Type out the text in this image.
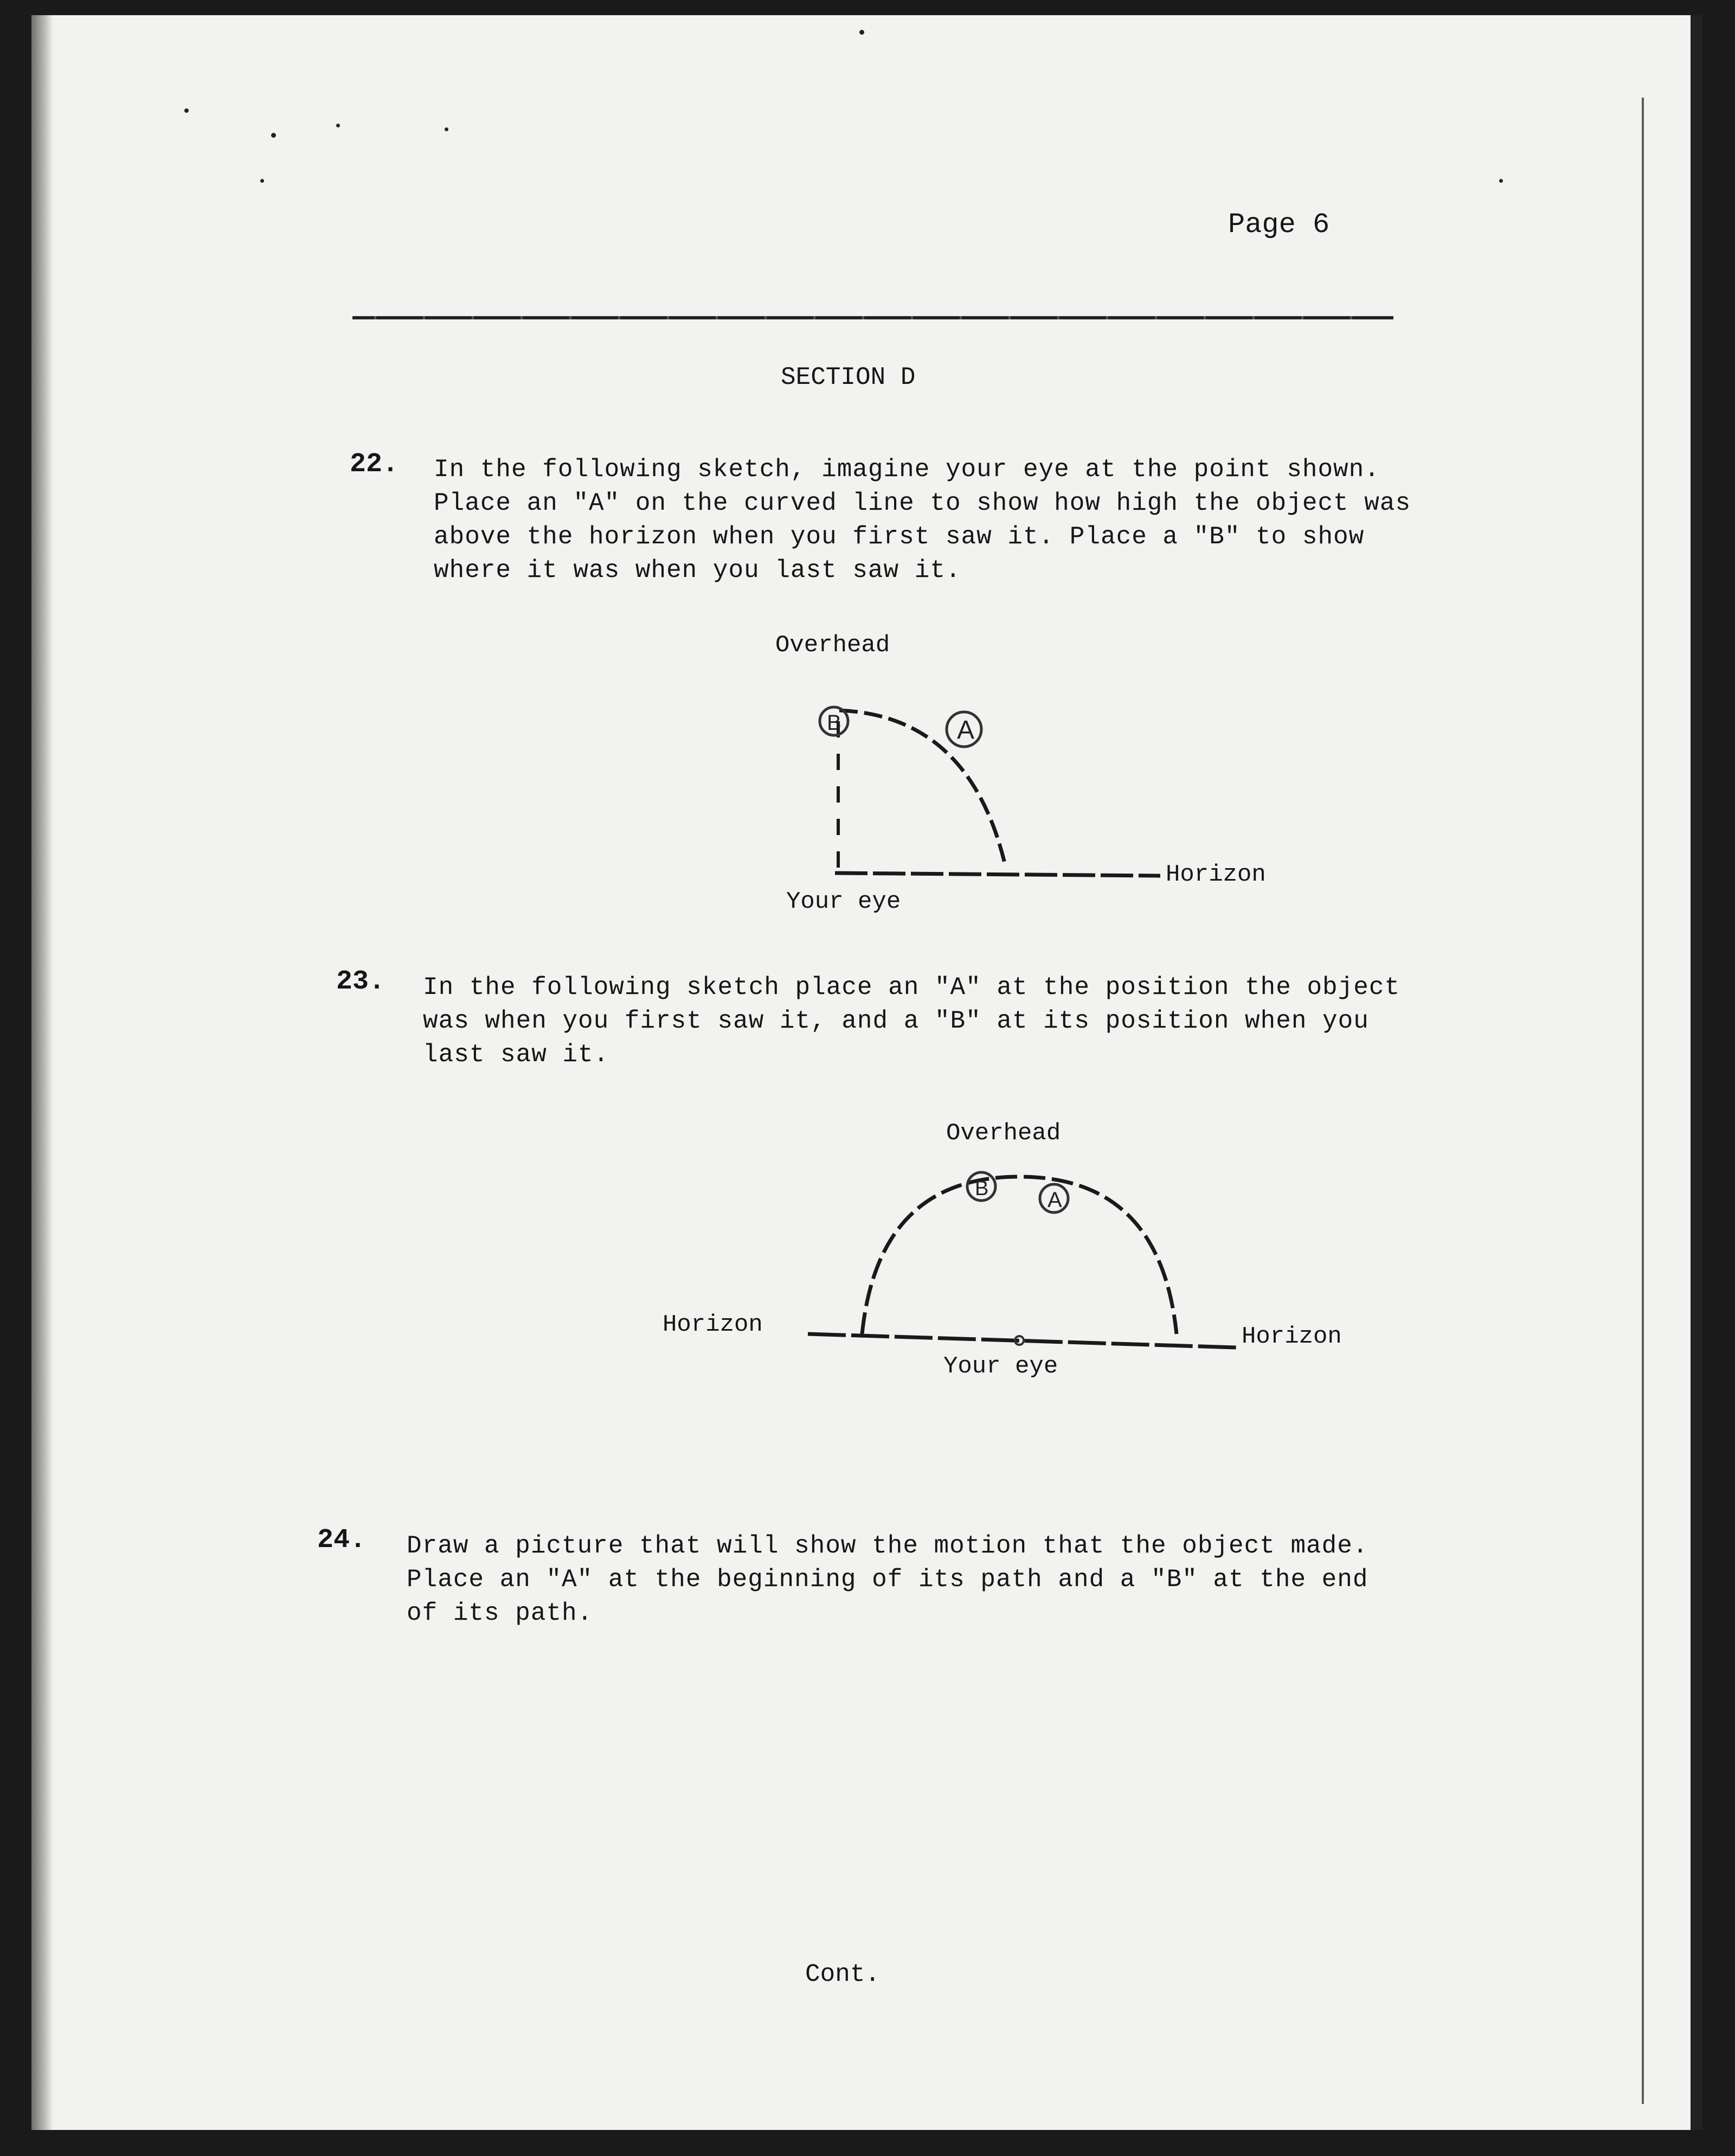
Page 6
SECTION D
22. In the following sketch, imagine your eye at the point shown.
Place an "A" on the curved line to show how high the object was
above the horizon when you first saw it. Place a "B" to show
where it was when you last saw it.
Overhead
A
B
Horizon
Your eye
23. In the following sketch place an "A" at the position the object
was when you first saw it, and a "B" at its position when you
last saw it.
Overhead
A
B
Horizon	Horizon
Your eye
24. Draw a picture that will show the motion that the object made.
Place an "A" at the beginning of its path and a "B" at the end
of its path.
Cont.
